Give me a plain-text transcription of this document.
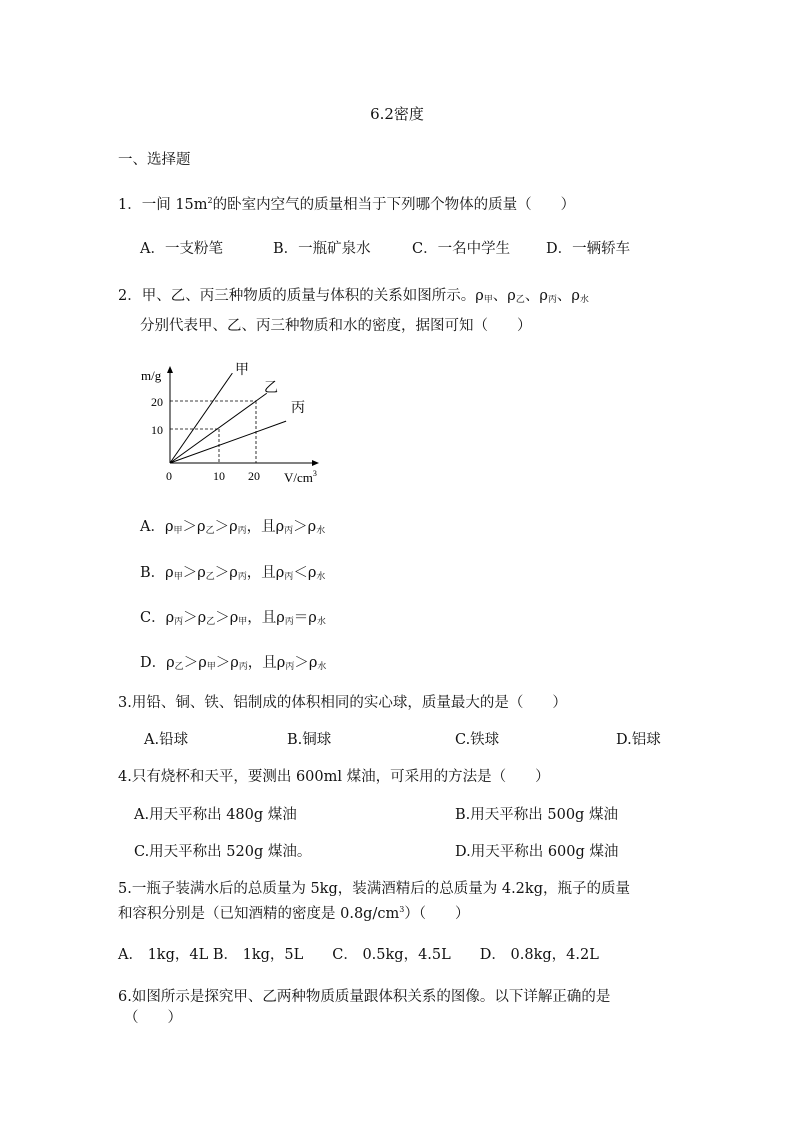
6.2密度
一、选择题
1．一间 $15m^2$的卧室内空气的质量相当于下列哪个物体的质量（　　）
A．一支粉笔	B．一瓶矿泉水	C．一名中学生 D．一辆轿车
2．甲、乙、丙三种物质的质量与体积的关系如图所示。$\rho_甲$、$\rho_乙$、$\rho_丙$、$\rho_水$
分别代表甲、乙、丙三种物质和水的密度，据图可知（　　）
m/g
$V/cm^3$
0	10 20
10
20
甲
乙
丙
A．$\rho_甲>\rho_乙>\rho_丙$，且$\rho_丙>\rho_水$
B．$\rho_甲>\rho_乙>\rho_丙$，且$\rho_丙<\rho_水$
C．$\rho_丙>\rho_乙>\rho_甲$，且$\rho_丙=\rho_水$
D．$\rho_乙>\rho_甲>\rho_丙$，且$\rho_丙>\rho_水$
3.用铅、铜、铁、铝制成的体积相同的实心球，质量最大的是（　　）
A.铅球	B.铜球	C.铁球	D.铝球
4.只有烧杯和天平，要测出 600ml 煤油，可采用的方法是（　　）
A.用天平称出 480g 煤油	B.用天平称出 500g 煤油
C.用天平称出 520g 煤油。	D.用天平称出 600g 煤油
5.一瓶子装满水后的总质量为 5kg，装满酒精后的总质量为 4.2kg，瓶子的质量
和容积分别是（已知酒精的密度是 $0.8g/cm^3$）（　　）
A． 1kg，4L B． 1kg，5L　　C． 0.5kg，4.5L　　D． 0.8kg，4.2L
6.如图所示是探究甲、乙两种物质质量跟体积关系的图像。以下详解正确的是
（　　）
